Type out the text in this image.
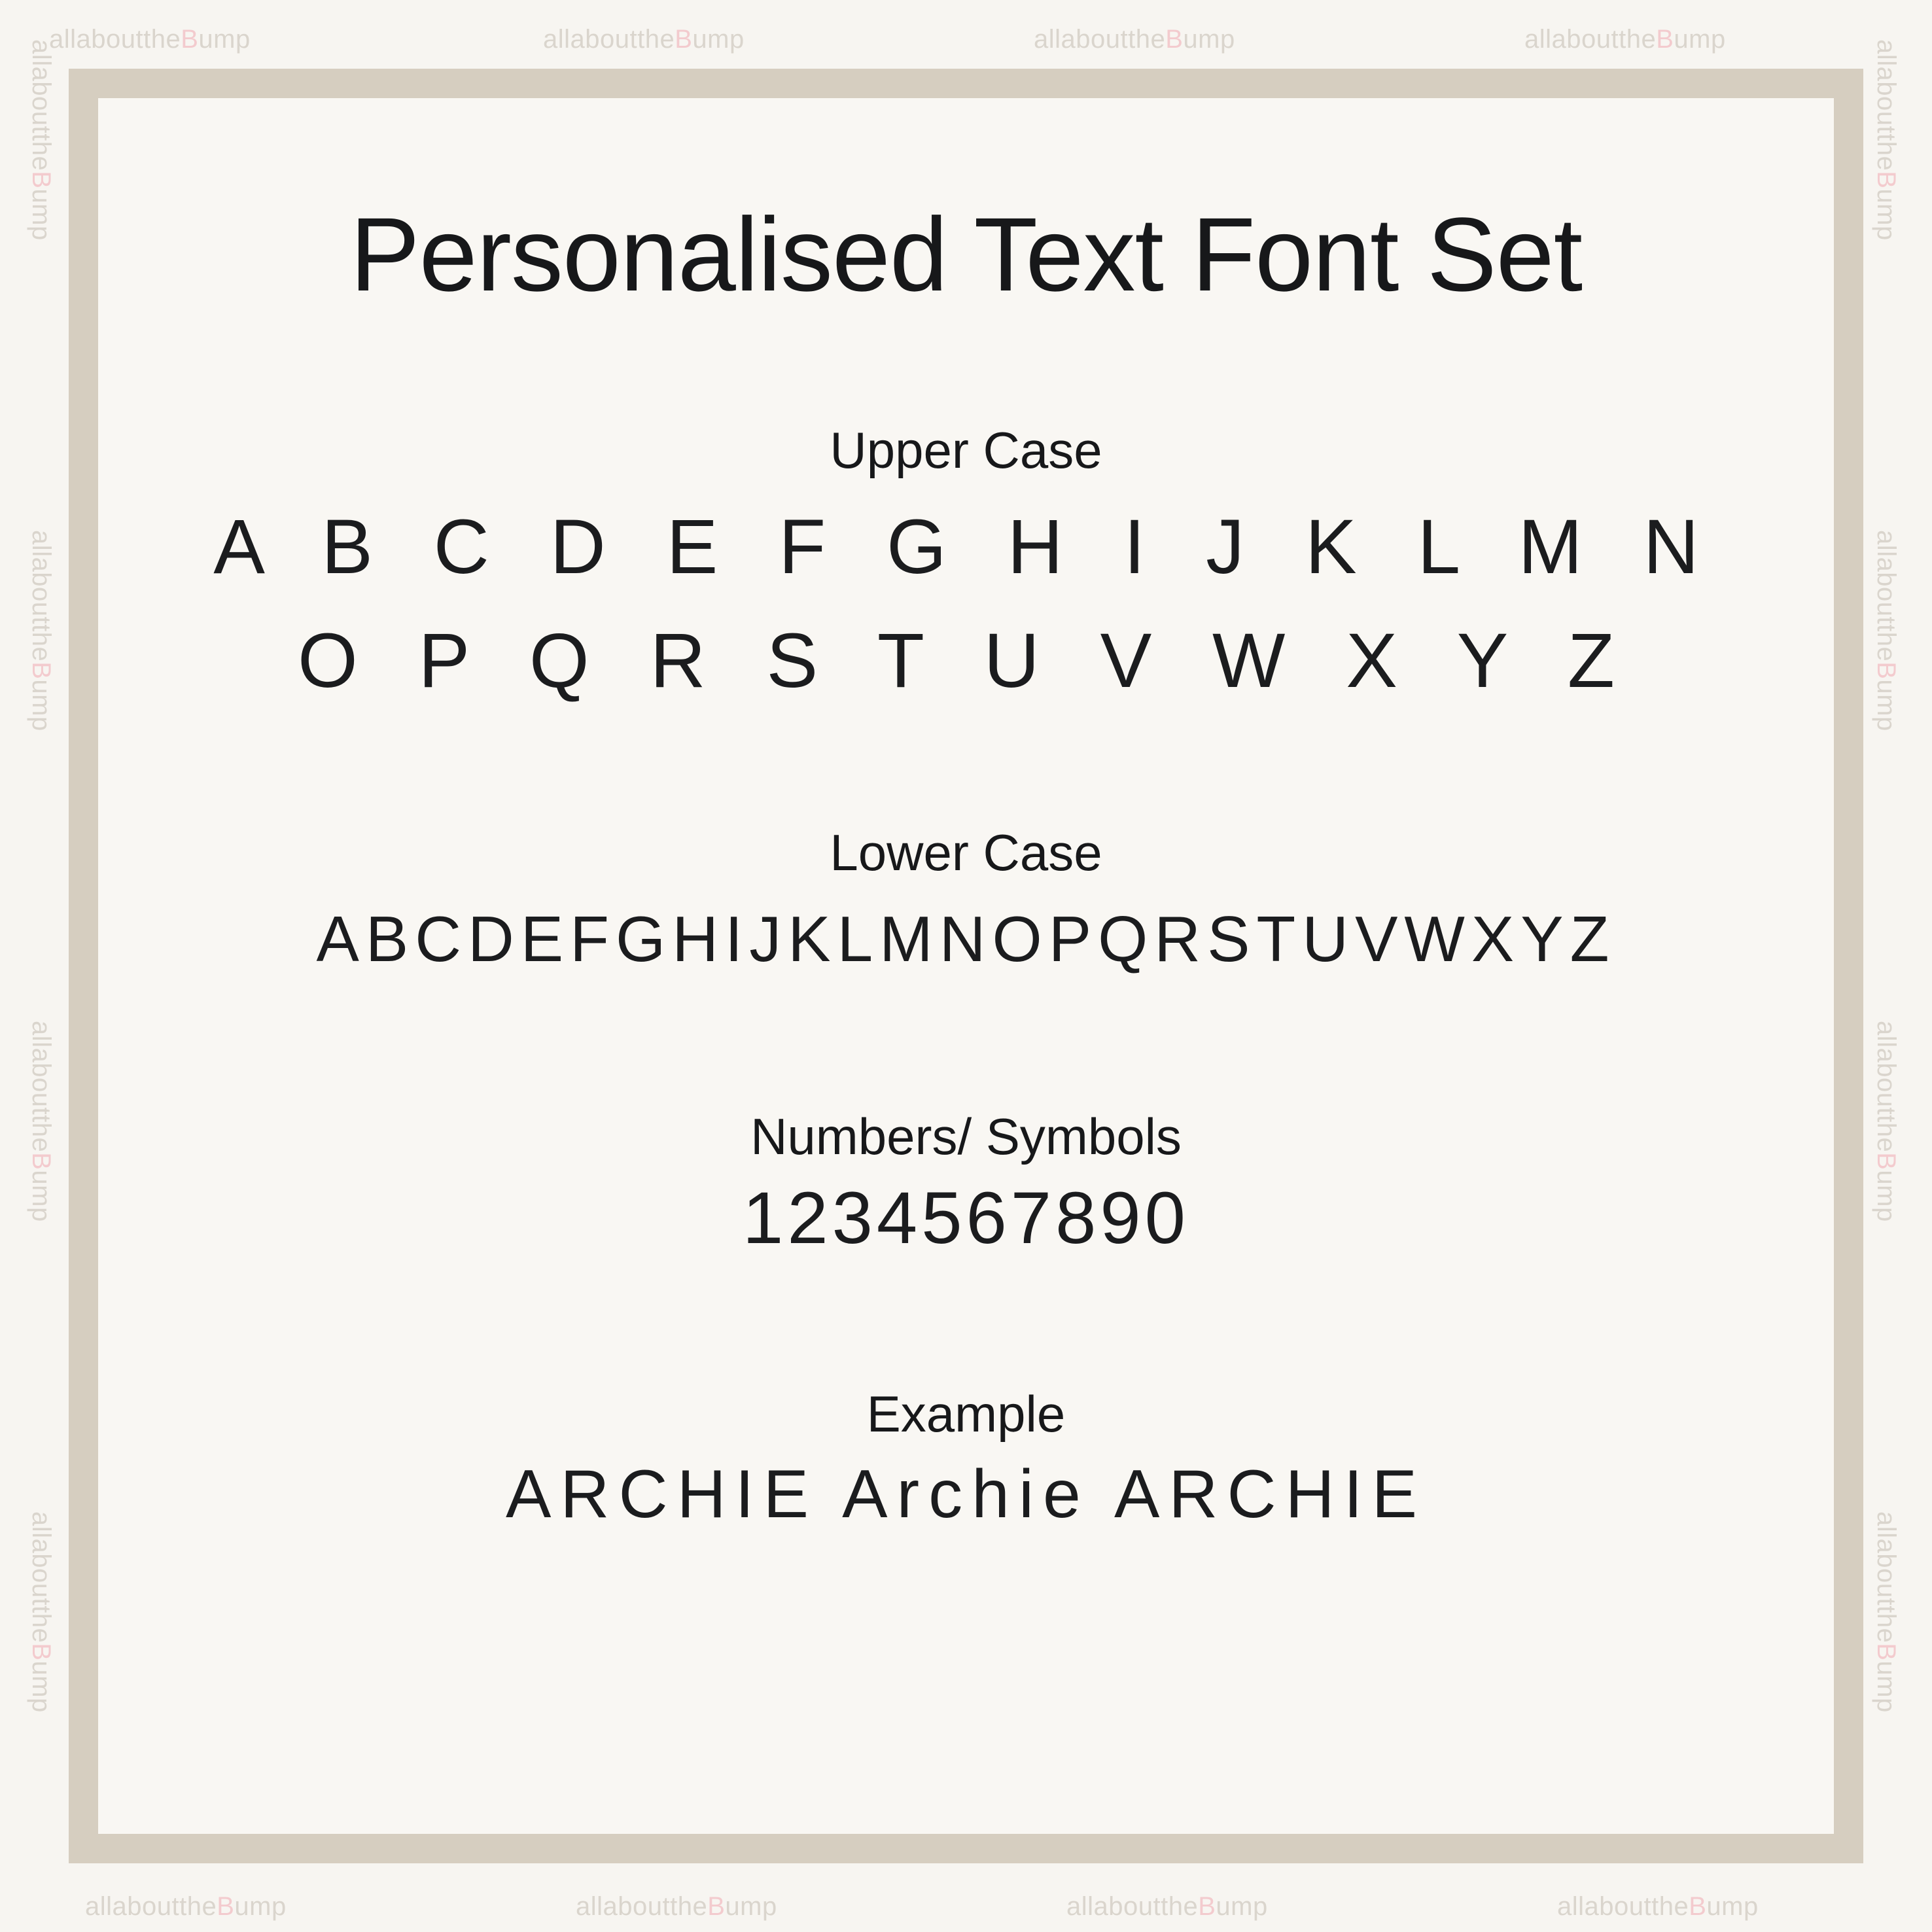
allabouttheBump	allabouttheBump	allabouttheBump	allabouttheBump
allabouttheBump	allabouttheBump	allabouttheBump	allabouttheBump
allabouttheBump
allabouttheBump
allabouttheBump
allabouttheBump
allabouttheBump
allabouttheBump
allabouttheBump
allabouttheBump
Personalised Text Font Set
Upper Case
A B C D E F G H I J K L M N
O P Q R S T U V W X Y Z
Lower Case
ABCDEFGHIJKLMNOPQRSTUVWXYZ
Numbers/ Symbols
1234567890
Example
ARCHIE Archie ARCHIE
